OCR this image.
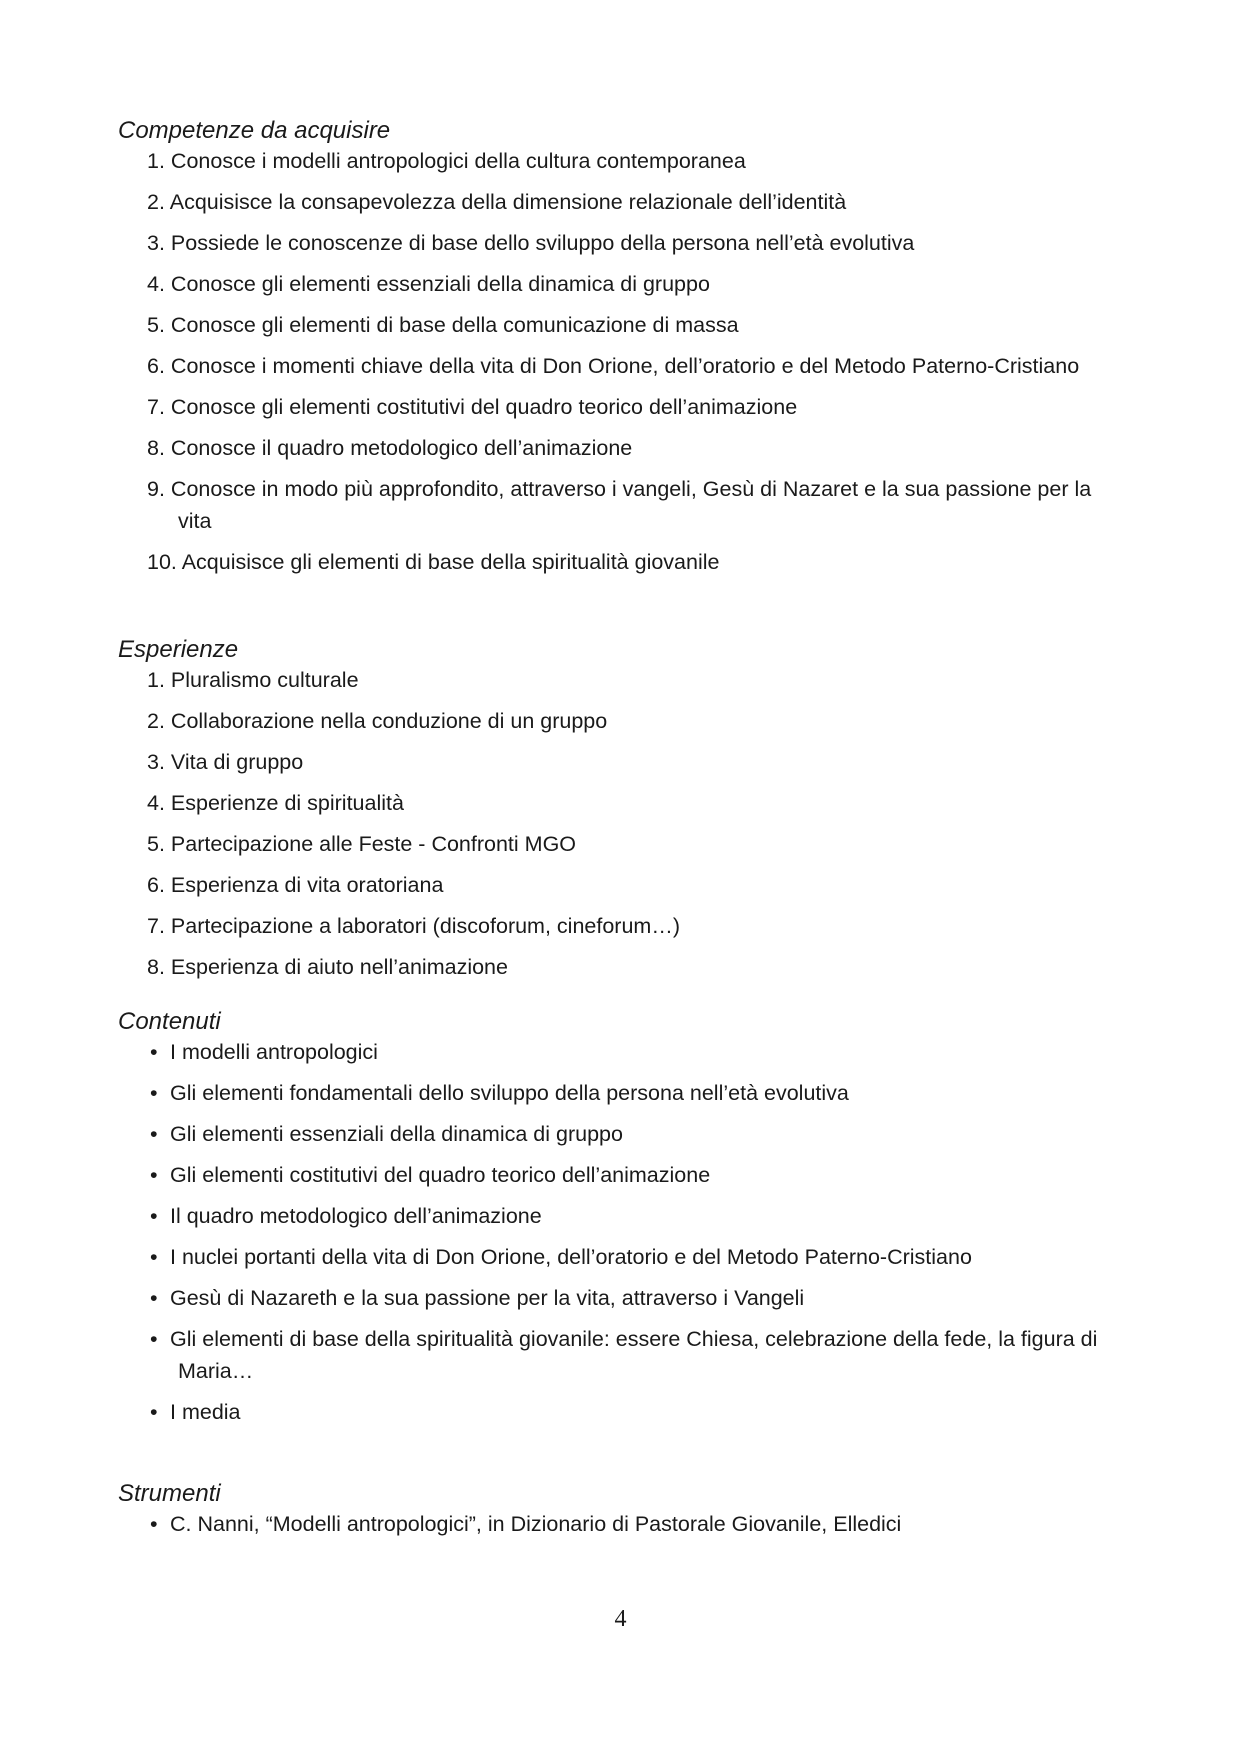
Competenze da acquisire
1. Conosce i modelli antropologici della cultura contemporanea
2. Acquisisce la consapevolezza della dimensione relazionale dell’identità
3. Possiede le conoscenze di base dello sviluppo della persona nell’età evolutiva
4. Conosce gli elementi essenziali della dinamica di gruppo
5. Conosce gli elementi di base della comunicazione di massa
6. Conosce i momenti chiave della vita di Don Orione, dell’oratorio e del Metodo Paterno-Cristiano
7. Conosce gli elementi costitutivi del quadro teorico dell’animazione
8. Conosce il quadro metodologico dell’animazione
9. Conosce in modo più approfondito, attraverso i vangeli, Gesù di Nazaret e la sua passione per la vita
10. Acquisisce gli elementi di base della spiritualità giovanile
Esperienze
1. Pluralismo culturale
2. Collaborazione nella conduzione di un gruppo
3. Vita di gruppo
4. Esperienze di spiritualità
5. Partecipazione alle Feste - Confronti MGO
6. Esperienza di vita oratoriana
7. Partecipazione a laboratori (discoforum, cineforum…)
8. Esperienza di aiuto nell’animazione
Contenuti
• I modelli antropologici
• Gli elementi fondamentali dello sviluppo della persona nell’età evolutiva
• Gli elementi essenziali della dinamica di gruppo
• Gli elementi costitutivi del quadro teorico dell’animazione
• Il quadro metodologico dell’animazione
• I nuclei portanti della vita di Don Orione, dell’oratorio e del Metodo Paterno-Cristiano
• Gesù di Nazareth e la sua passione per la vita, attraverso i Vangeli
• Gli elementi di base della spiritualità giovanile: essere Chiesa, celebrazione della fede, la figura di Maria…
• I media
Strumenti
• C. Nanni, “Modelli antropologici”, in Dizionario di Pastorale Giovanile, Elledici
4
